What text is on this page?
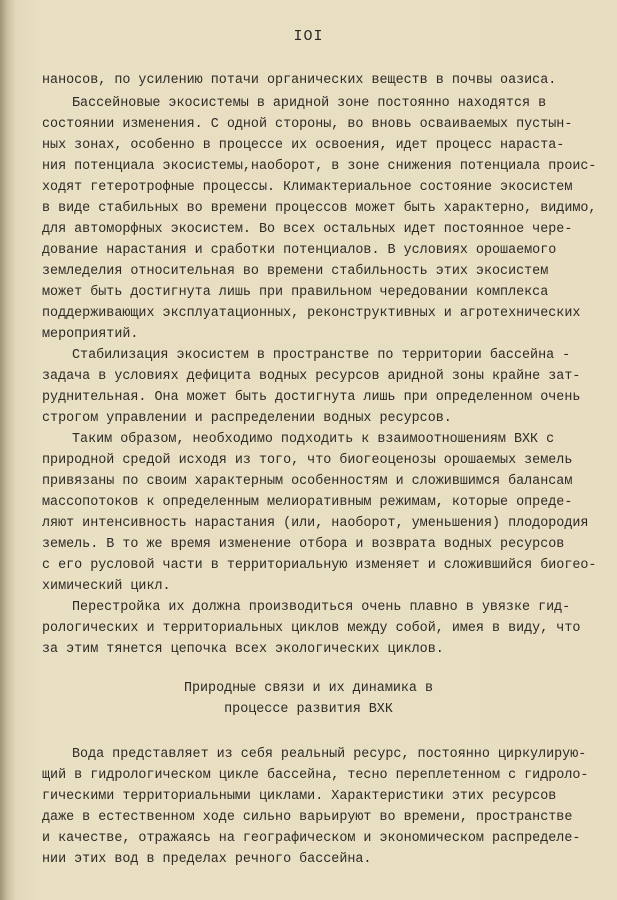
IOI
наносов, по усилению потачи органических веществ в почвы оазиса.
Бассейновые экосистемы в аридной зоне постоянно находятся в
состоянии изменения. С одной стороны, во вновь осваиваемых пустын-
ных зонах, особенно в процессе их освоения, идет процесс нараста-
ния потенциала экосистемы,наоборот, в зоне снижения потенциала проис-
ходят гетеротрофные процессы. Климактериальное состояние экосистем
в виде стабильных во времени процессов может быть характерно, видимо,
для автоморфных экосистем. Во всех остальных идет постоянное чере-
дование нарастания и сработки потенциалов. В условиях орошаемого
земледелия относительная во времени стабильность этих экосистем
может быть достигнута лишь при правильном чередовании комплекса
поддерживающих эксплуатационных, реконструктивных и агротехнических
мероприятий.
Стабилизация экосистем в пространстве по территории бассейна -
задача в условиях дефицита водных ресурсов аридной зоны крайне зат-
руднительная. Она может быть достигнута лишь при определенном очень
строгом управлении и распределении водных ресурсов.
Таким образом, необходимо подходить к взаимоотношениям ВХК с
природной средой исходя из того, что биогеоценозы орошаемых земель
привязаны по своим характерным особенностям и сложившимся балансам
массопотоков к определенным мелиоративным режимам, которые опреде-
ляют интенсивность нарастания (или, наоборот, уменьшения) плодородия
земель. В то же время изменение отбора и возврата водных ресурсов
с его русловой части в территориальную изменяет и сложившийся биогео-
химический цикл.
Перестройка их должна производиться очень плавно в увязке гид-
рологических и территориальных циклов между собой, имея в виду, что
за этим тянется цепочка всех экологических циклов.
Природные связи и их динамика в
процессе развития ВХК
Вода представляет из себя реальный ресурс, постоянно циркулирую-
щий в гидрологическом цикле бассейна, тесно переплетенном с гидроло-
гическими территориальными циклами. Характеристики этих ресурсов
даже в естественном ходе сильно варьируют во времени, пространстве
и качестве, отражаясь на географическом и экономическом распределе-
нии этих вод в пределах речного бассейна.
